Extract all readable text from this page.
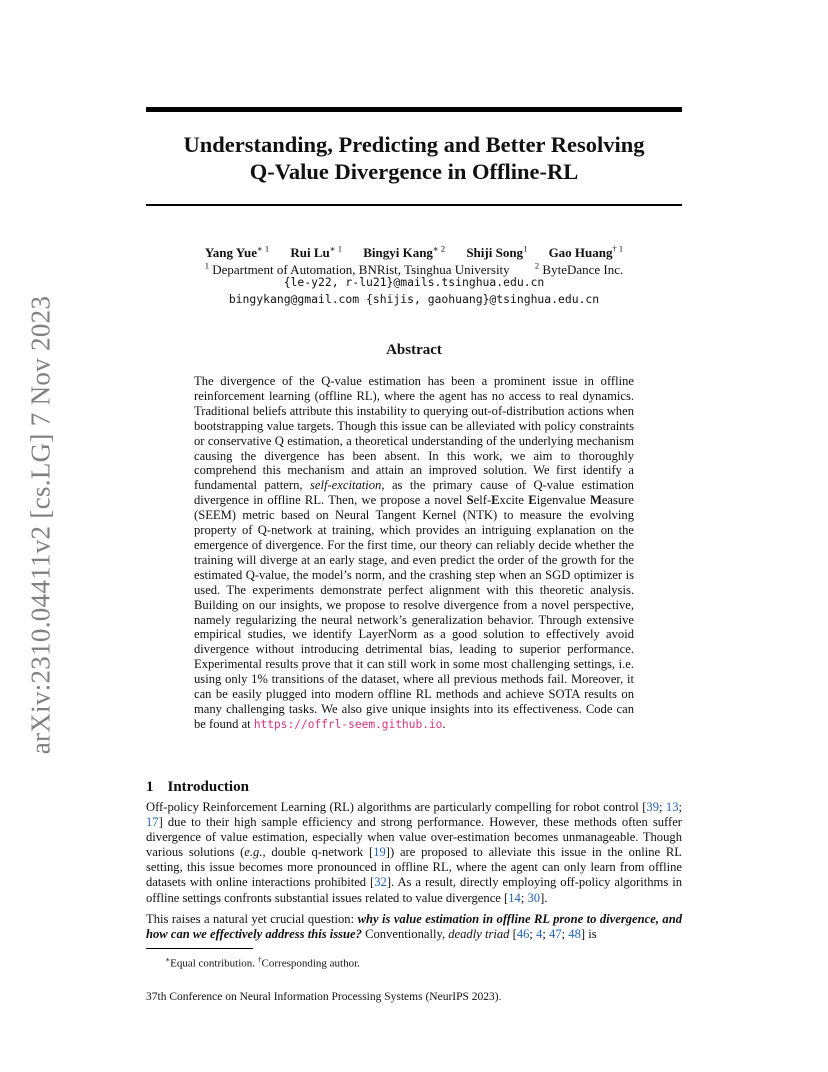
arXiv:2310.04411v2 [cs.LG] 7 Nov 2023
Understanding, Predicting and Better Resolving
Q-Value Divergence in Offline-RL
Yang Yue$^{∗ 1}$ Rui $Lu^{∗ 1}$ Bingyi Kang$^{∗ 2}$ Shiji Song$^1$ Gao Huang$^{\dagger 1}$
$^1$ Department of Automation, BNRist, Tsinghua University	$^2$ ByteDance Inc.
{le-y22, r-lu21}@mails.tsinghua.edu.cn
bingykang@gmail.com {shijis, gaohuang}@tsinghua.edu.cn
Abstract
The divergence of the Q-value estimation has been a prominent issue in offline reinforcement learning (offline RL), where the agent has no access to real dynamics. Traditional beliefs attribute this instability to querying out-of-distribution actions when bootstrapping value targets. Though this issue can be alleviated with policy constraints or conservative Q estimation, a theoretical understanding of the underlying mechanism causing the divergence has been absent. In this work, we aim to thoroughly comprehend this mechanism and attain an improved solution. We first identify a fundamental pattern, self-excitation, as the primary cause of Q-value estimation divergence in offline RL. Then, we propose a novel Self-Excite Eigenvalue Measure (SEEM) metric based on Neural Tangent Kernel (NTK) to measure the evolving property of Q-network at training, which provides an intriguing explanation on the emergence of divergence. For the first time, our theory can reliably decide whether the training will diverge at an early stage, and even predict the order of the growth for the estimated Q-value, the model’s norm, and the crashing step when an SGD optimizer is used. The experiments demonstrate perfect alignment with this theoretic analysis. Building on our insights, we propose to resolve divergence from a novel perspective, namely regularizing the neural network’s generalization behavior. Through extensive empirical studies, we identify LayerNorm as a good solution to effectively avoid divergence without introducing detrimental bias, leading to superior performance. Experimental results prove that it can still work in some most challenging settings, i.e. using only 1% transitions of the dataset, where all previous methods fail. Moreover, it can be easily plugged into modern offline RL methods and achieve SOTA results on many challenging tasks. We also give unique insights into its effectiveness. Code can be found at https://offrl-seem.github.io.
1 Introduction

Off-policy Reinforcement Learning (RL) algorithms are particularly compelling for robot control [39; 13; 17] due to their high sample efficiency and strong performance. However, these methods often suffer divergence of value estimation, especially when value over-estimation becomes unmanageable. Though various solutions (e.g., double q-network [19]) are proposed to alleviate this issue in the online RL setting, this issue becomes more pronounced in offline RL, where the agent can only learn from offline datasets with online interactions prohibited [32]. As a result, directly employing off-policy algorithms in offline settings confronts substantial issues related to value divergence [14; 30].

This raises a natural yet crucial question: why is value estimation in offline RL prone to divergence, and how can we effectively address this issue? Conventionally, deadly triad [46; 4; 47; 48] is

∗Equal contribution. †Corresponding author.
37th Conference on Neural Information Processing Systems (NeurIPS 2023).
